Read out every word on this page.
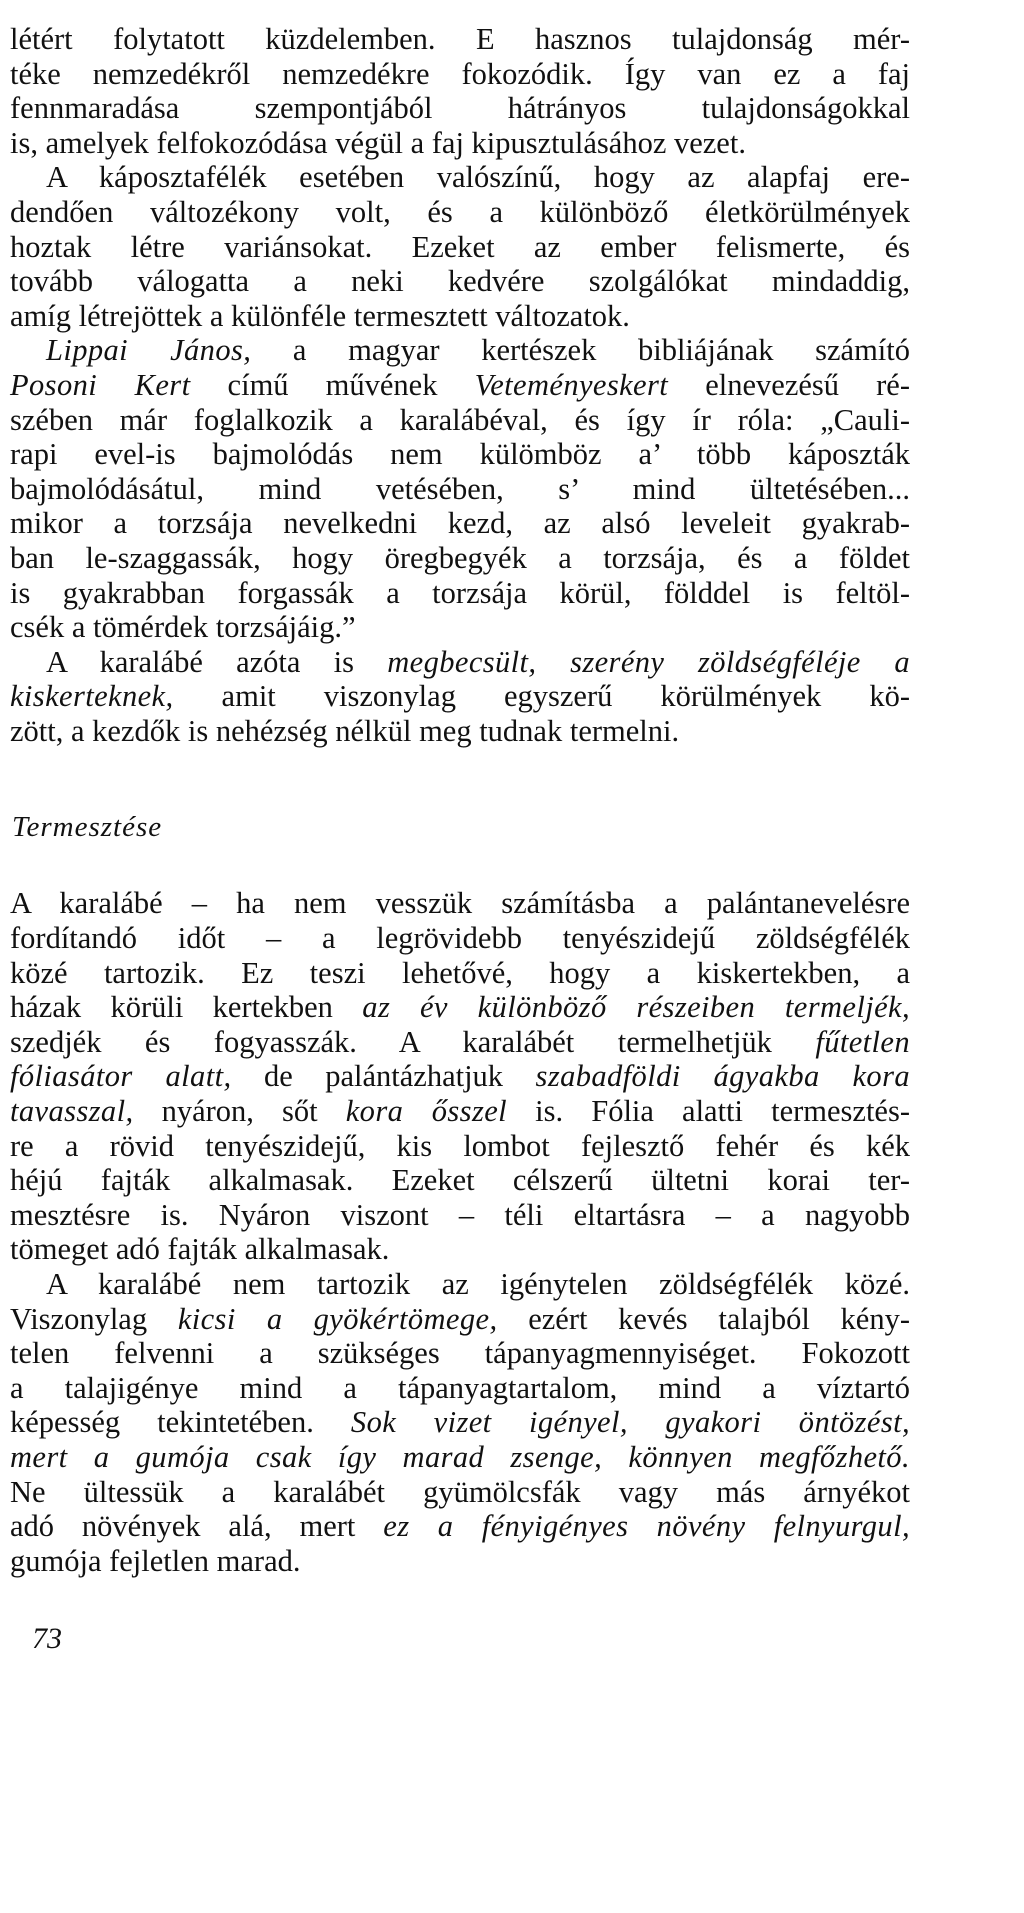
létért folytatott küzdelemben. E hasznos tulajdonság mér-
téke nemzedékről nemzedékre fokozódik. Így van ez a faj
fennmaradása szempontjából hátrányos tulajdonságokkal
is, amelyek felfokozódása végül a faj kipusztulásához vezet.
A káposztafélék esetében valószínű, hogy az alapfaj ere-
dendően változékony volt, és a különböző életkörülmények
hoztak létre variánsokat. Ezeket az ember felismerte, és
tovább válogatta a neki kedvére szolgálókat mindaddig,
amíg létrejöttek a különféle termesztett változatok.
Lippai János, a magyar kertészek bibliájának számító
Posoni Kert című művének Veteményeskert elnevezésű ré-
szében már foglalkozik a karalábéval, és így ír róla: „Cauli-
rapi evel-is bajmolódás nem külömböz a’ több káposzták
bajmolódásátul, mind vetésében, s’ mind ültetésében...
mikor a torzsája nevelkedni kezd, az alsó leveleit gyakrab-
ban le-szaggassák, hogy öregbegyék a torzsája, és a földet
is gyakrabban forgassák a torzsája körül, földdel is feltöl-
csék a tömérdek torzsájáig.”
A karalábé azóta is megbecsült, szerény zöldségféléje a
kiskerteknek, amit viszonylag egyszerű körülmények kö-
zött, a kezdők is nehézség nélkül meg tudnak termelni.
Termesztése
A karalábé – ha nem vesszük számításba a palántanevelésre
fordítandó időt – a legrövidebb tenyészidejű zöldségfélék
közé tartozik. Ez teszi lehetővé, hogy a kiskertekben, a
házak körüli kertekben az év különböző részeiben termeljék,
szedjék és fogyasszák. A karalábét termelhetjük fűtetlen
fóliasátor alatt, de palántázhatjuk szabadföldi ágyakba kora
tavasszal, nyáron, sőt kora ősszel is. Fólia alatti termesztés-
re a rövid tenyészidejű, kis lombot fejlesztő fehér és kék
héjú fajták alkalmasak. Ezeket célszerű ültetni korai ter-
mesztésre is. Nyáron viszont – téli eltartásra – a nagyobb
tömeget adó fajták alkalmasak.
A karalábé nem tartozik az igénytelen zöldségfélék közé.
Viszonylag kicsi a gyökértömege, ezért kevés talajból kény-
telen felvenni a szükséges tápanyagmennyiséget. Fokozott
a talajigénye mind a tápanyagtartalom, mind a víztartó
képesség tekintetében. Sok vizet igényel, gyakori öntözést,
mert a gumója csak így marad zsenge, könnyen megfőzhető.
Ne ültessük a karalábét gyümölcsfák vagy más árnyékot
adó növények alá, mert ez a fényigényes növény felnyurgul,
gumója fejletlen marad.
73
